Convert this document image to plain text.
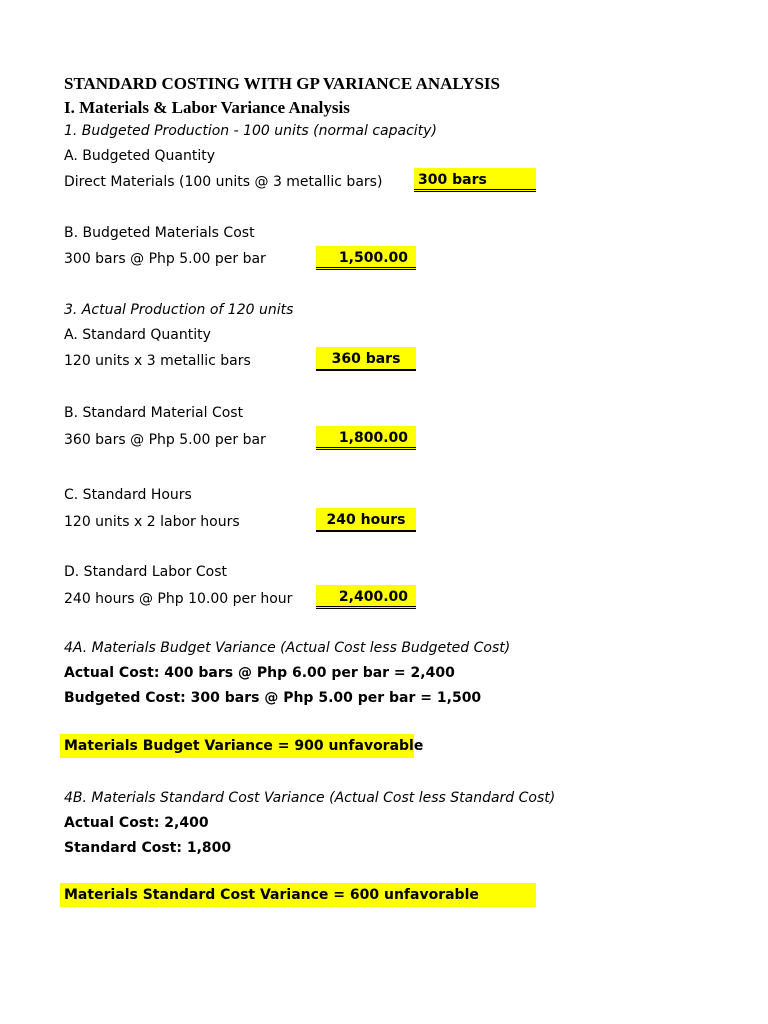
STANDARD COSTING WITH GP VARIANCE ANALYSIS
I. Materials & Labor Variance Analysis
1. Budgeted Production - 100 units (normal capacity)
A. Budgeted Quantity
Direct Materials (100 units @ 3 metallic bars)	300 bars
B. Budgeted Materials Cost
300 bars @ Php 5.00 per bar	1,500.00
3. Actual Production of 120 units
A. Standard Quantity
120 units x 3 metallic bars	360 bars
B. Standard Material Cost
360 bars @ Php 5.00 per bar	1,800.00
C. Standard Hours
120 units x 2 labor hours	240 hours
D. Standard Labor Cost
240 hours @ Php 10.00 per hour	2,400.00
4A. Materials Budget Variance (Actual Cost less Budgeted Cost)
Actual Cost: 400 bars @ Php 6.00 per bar = 2,400
Budgeted Cost: 300 bars @ Php 5.00 per bar = 1,500
Materials Budget Variance = 900 unfavorable
4B. Materials Standard Cost Variance (Actual Cost less Standard Cost)
Actual Cost: 2,400
Standard Cost: 1,800
Materials Standard Cost Variance = 600 unfavorable
